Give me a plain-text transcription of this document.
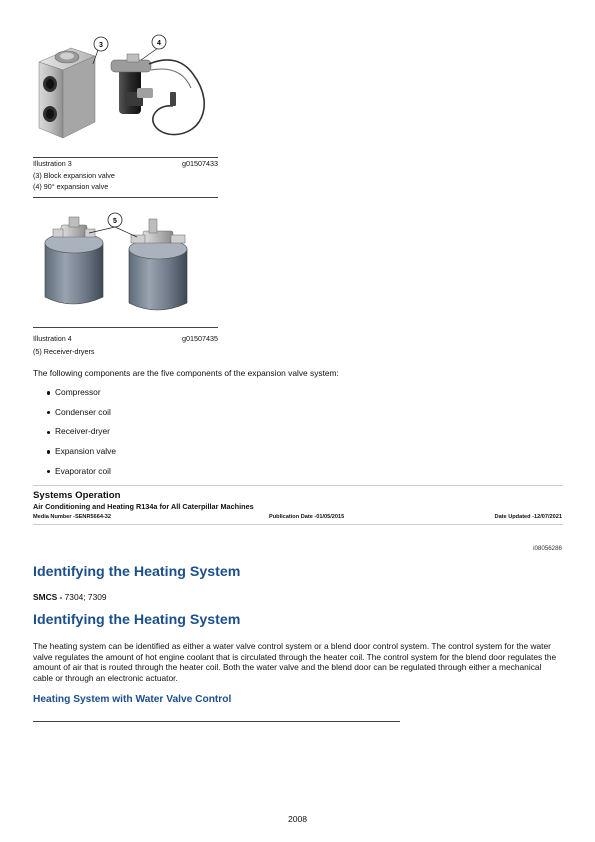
3	4
Illustration 3	g01507433
(3) Block expansion valve
(4) 90° expansion valve
5
Illustration 4	g01507435
(5) Receiver-dryers
The following components are the five components of the expansion valve system:
Compressor
Condenser coil
Receiver-dryer
Expansion valve
Evaporator coil
Systems Operation
Air Conditioning and Heating R134a for All Caterpillar Machines
Media Number -SENR5664-32	Publication Date -01/05/2015	Date Updated -12/07/2021
i08056286
Identifying the Heating System
SMCS - 7304; 7309
Identifying the Heating System
The heating system can be identified as either a water valve control system or a blend door control system. The control system for the water valve regulates the amount of hot engine coolant that is circulated through the heater coil. The control system for the blend door regulates the amount of air that is routed through the heater coil. Both the water valve and the blend door can be regulated through either a mechanical cable or through an electronic actuator.
Heating System with Water Valve Control
2008
